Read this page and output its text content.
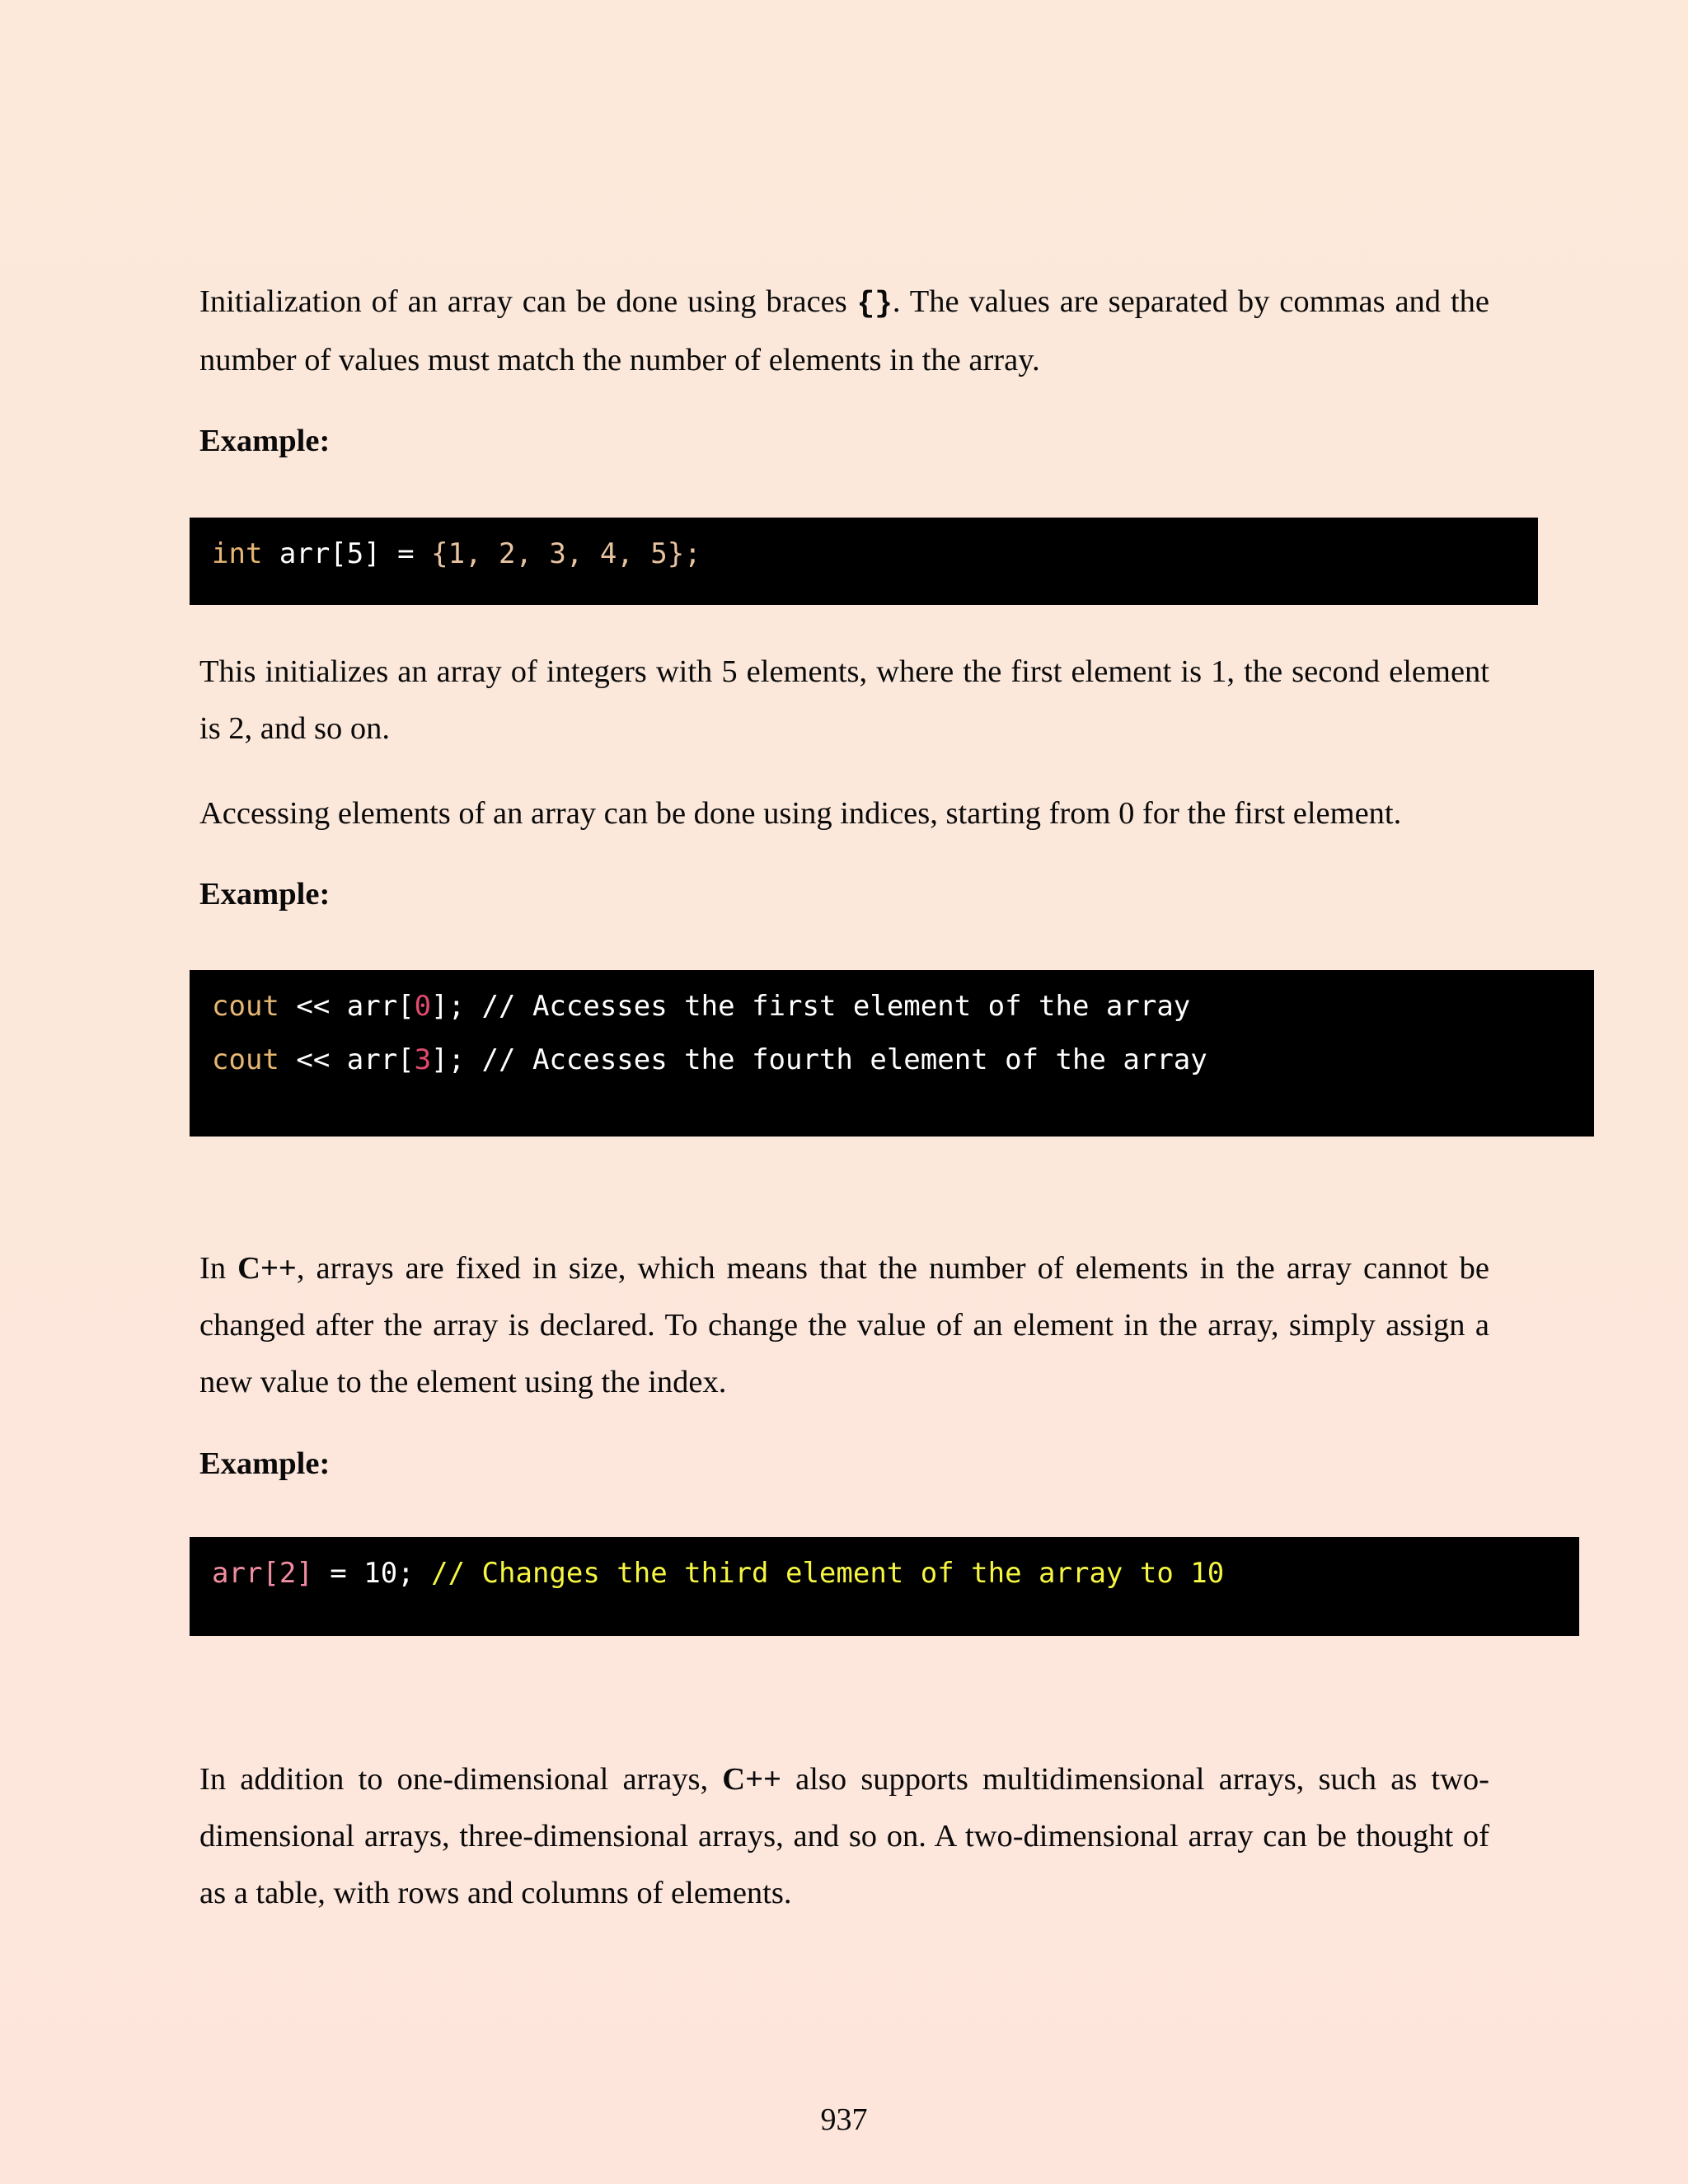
Initialization of an array can be done using braces {}. The values are separated by commas and the number of values must match the number of elements in the array.

Example:

int arr[5] = {1, 2, 3, 4, 5};

This initializes an array of integers with 5 elements, where the first element is 1, the second element is 2, and so on.

Accessing elements of an array can be done using indices, starting from 0 for the first element.

Example:

cout << arr[0]; // Accesses the first element of the array
cout << arr[3]; // Accesses the fourth element of the array

In C++, arrays are fixed in size, which means that the number of elements in the array cannot be changed after the array is declared. To change the value of an element in the array, simply assign a new value to the element using the index.

Example:

arr[2] = 10; // Changes the third element of the array to 10

In addition to one-dimensional arrays, C++ also supports multidimensional arrays, such as two-dimensional arrays, three-dimensional arrays, and so on. A two-dimensional array can be thought of as a table, with rows and columns of elements.

937
